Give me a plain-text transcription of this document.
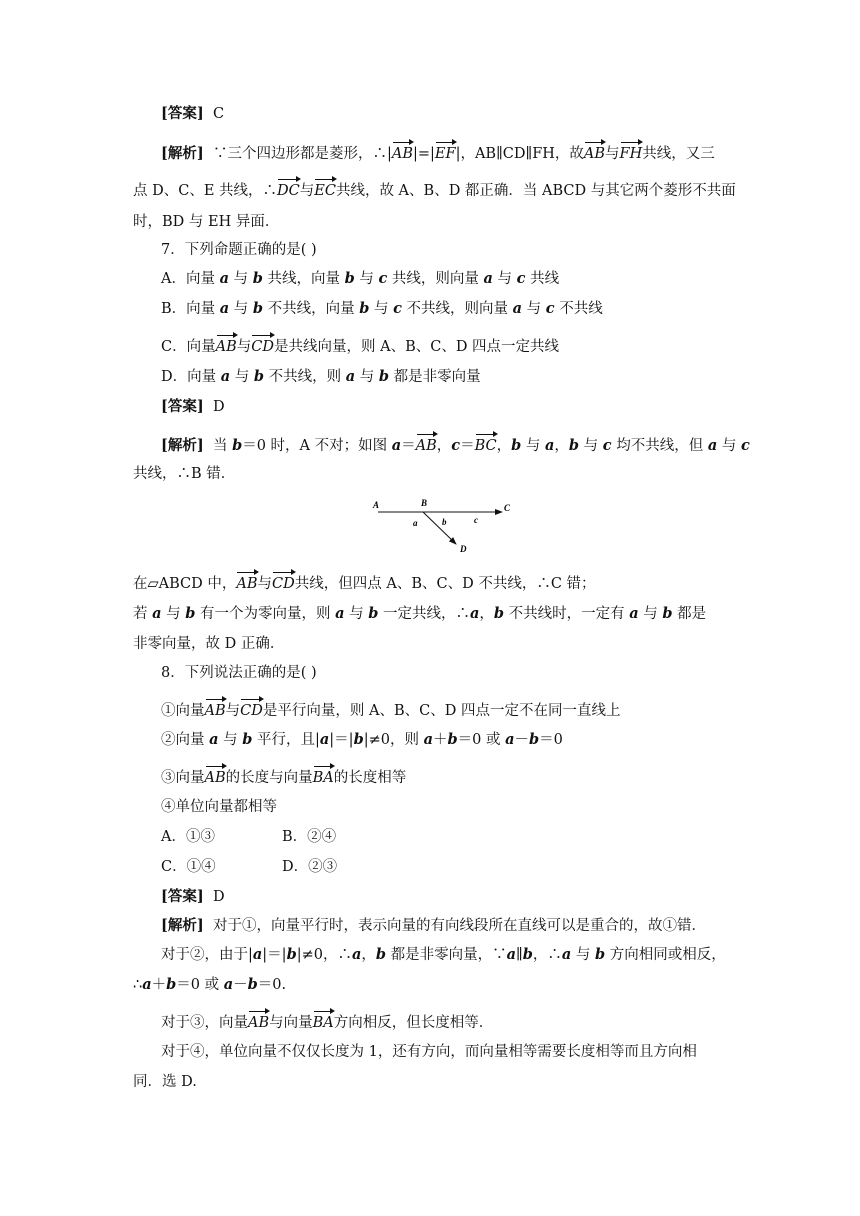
[答案] C
[解析] ∵三个四边形都是菱形，∴|AB|=|EF|，AB∥CD∥FH，故AB与FH共线，又三
点 D、C、E 共线，∴DC与EC共线，故 A、B、D 都正确．当 ABCD 与其它两个菱形不共面
时，BD 与 EH 异面．
7．下列命题正确的是( )
A．向量 a 与 b 共线，向量 b 与 c 共线，则向量 a 与 c 共线
B．向量 a 与 b 不共线，向量 b 与 c 不共线，则向量 a 与 c 不共线
C．向量AB与CD是共线向量，则 A、B、C、D 四点一定共线
D．向量 a 与 b 不共线，则 a 与 b 都是非零向量
[答案] D
[解析] 当 b＝0 时，A 不对；如图 a＝AB，c＝BC，b 与 a，b 与 c 均不共线，但 a 与 c
共线，∴B 错．
A	B	C
D
a	b	c
在▱ABCD 中，AB与CD共线，但四点 A、B、C、D 不共线，∴C 错；
若 a 与 b 有一个为零向量，则 a 与 b 一定共线，∴a，b 不共线时，一定有 a 与 b 都是
非零向量，故 D 正确．
8．下列说法正确的是( )
①向量AB与CD是平行向量，则 A、B、C、D 四点一定不在同一直线上
②向量 a 与 b 平行，且|a|＝|b|≠0，则 a＋b＝0 或 a－b＝0
③向量AB的长度与向量BA的长度相等
④单位向量都相等
A．①③	B．②④
C．①④	D．②③
[答案] D
[解析] 对于①，向量平行时，表示向量的有向线段所在直线可以是重合的，故①错．
对于②，由于|a|＝|b|≠0，∴a，b 都是非零向量，∵a∥b，∴a 与 b 方向相同或相反，
∴a＋b＝0 或 a－b＝0.
对于③，向量AB与向量BA方向相反，但长度相等．
对于④，单位向量不仅仅长度为 1，还有方向，而向量相等需要长度相等而且方向相
同．选 D.
